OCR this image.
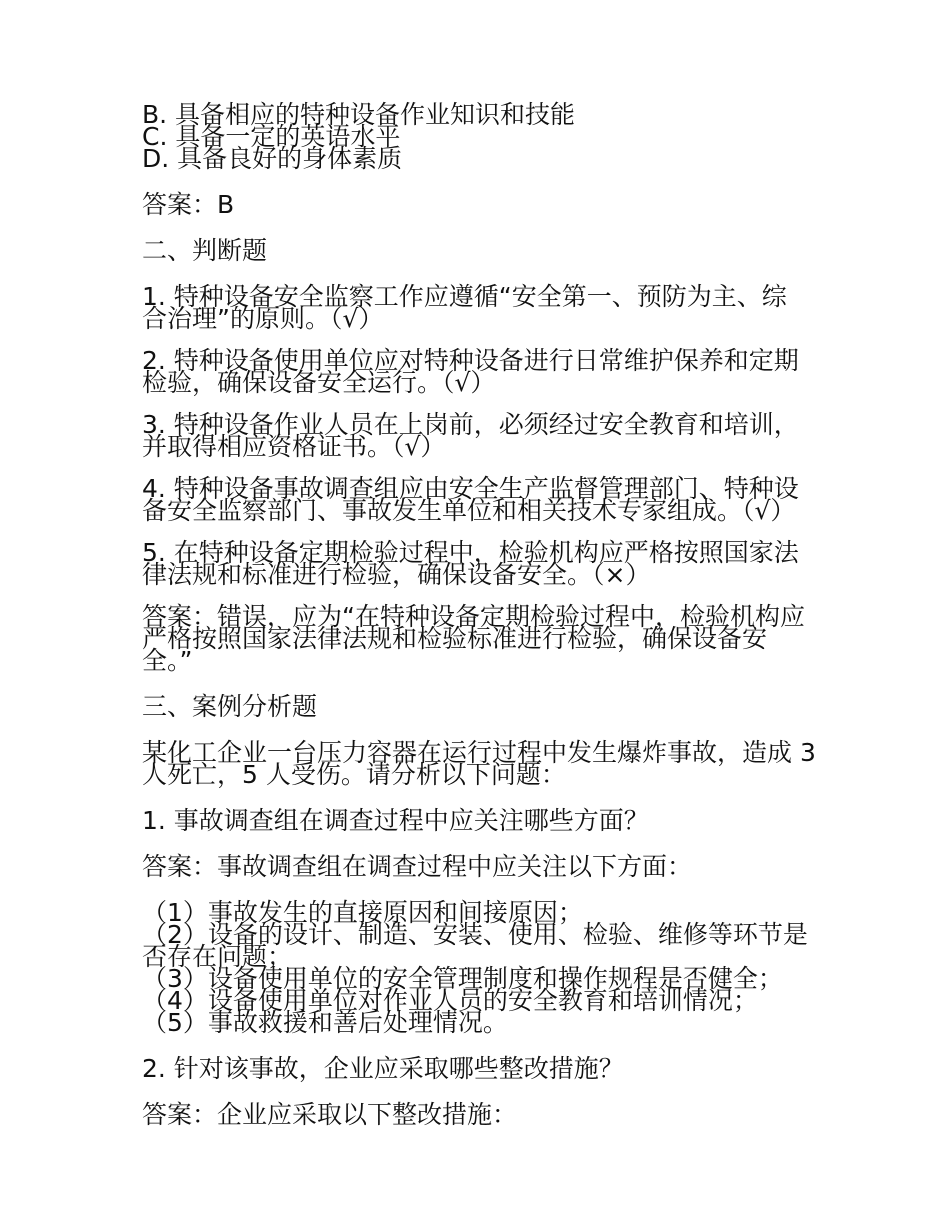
B. 具备相应的特种设备作业知识和技能
C. 具备一定的英语水平
D. 具备良好的身体素质
答案：B
二、判断题
1. 特种设备安全监察工作应遵循“安全第一、预防为主、综
合治理”的原则。（√）
2. 特种设备使用单位应对特种设备进行日常维护保养和定期
检验，确保设备安全运行。（√）
3. 特种设备作业人员在上岗前，必须经过安全教育和培训，
并取得相应资格证书。（√）
4. 特种设备事故调查组应由安全生产监督管理部门、特种设
备安全监察部门、事故发生单位和相关技术专家组成。（√）
5. 在特种设备定期检验过程中，检验机构应严格按照国家法
律法规和标准进行检验，确保设备安全。（×）
答案：错误，应为“在特种设备定期检验过程中，检验机构应
严格按照国家法律法规和检验标准进行检验，确保设备安
全。”
三、案例分析题
某化工企业一台压力容器在运行过程中发生爆炸事故，造成 3
人死亡，5 人受伤。请分析以下问题：
1. 事故调查组在调查过程中应关注哪些方面？
答案：事故调查组在调查过程中应关注以下方面：
（1）事故发生的直接原因和间接原因；
（2）设备的设计、制造、安装、使用、检验、维修等环节是
否存在问题；
（3）设备使用单位的安全管理制度和操作规程是否健全；
（4）设备使用单位对作业人员的安全教育和培训情况；
（5）事故救援和善后处理情况。
2. 针对该事故，企业应采取哪些整改措施？
答案：企业应采取以下整改措施：
